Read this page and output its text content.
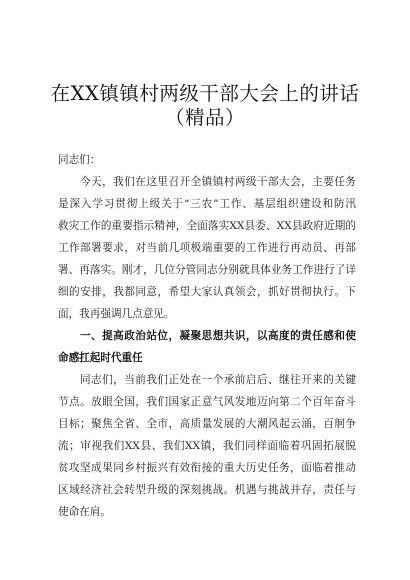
在XX镇镇村两级干部大会上的讲话
（精品）

同志们：

今天，我们在这里召开全镇镇村两级干部大会，主要任务

是深入学习贯彻上级关于“三农”工作、基层组织建设和防汛

救灾工作的重要指示精神，全面落实XX县委、XX县政府近期的

工作部署要求，对当前几项极端重要的工作进行再动员、再部

署、再落实。刚才，几位分管同志分别就具体业务工作进行了详

细的安排，我都同意，希望大家认真领会，抓好贯彻执行。下

面，我再强调几点意见。

一、提高政治站位，凝聚思想共识，以高度的责任感和使

命感扛起时代重任

同志们，当前我们正处在一个承前启后、继往开来的关键

节点。放眼全国，我们国家正意气风发地迈向第二个百年奋斗

目标；聚焦全省、全市，高质量发展的大潮风起云涌，百舸争

流；审视我们XX县、我们XX镇，我们同样面临着巩固拓展脱

贫攻坚成果同乡村振兴有效衔接的重大历史任务，面临着推动

区域经济社会转型升级的深刻挑战。机遇与挑战并存，责任与

使命在肩。
